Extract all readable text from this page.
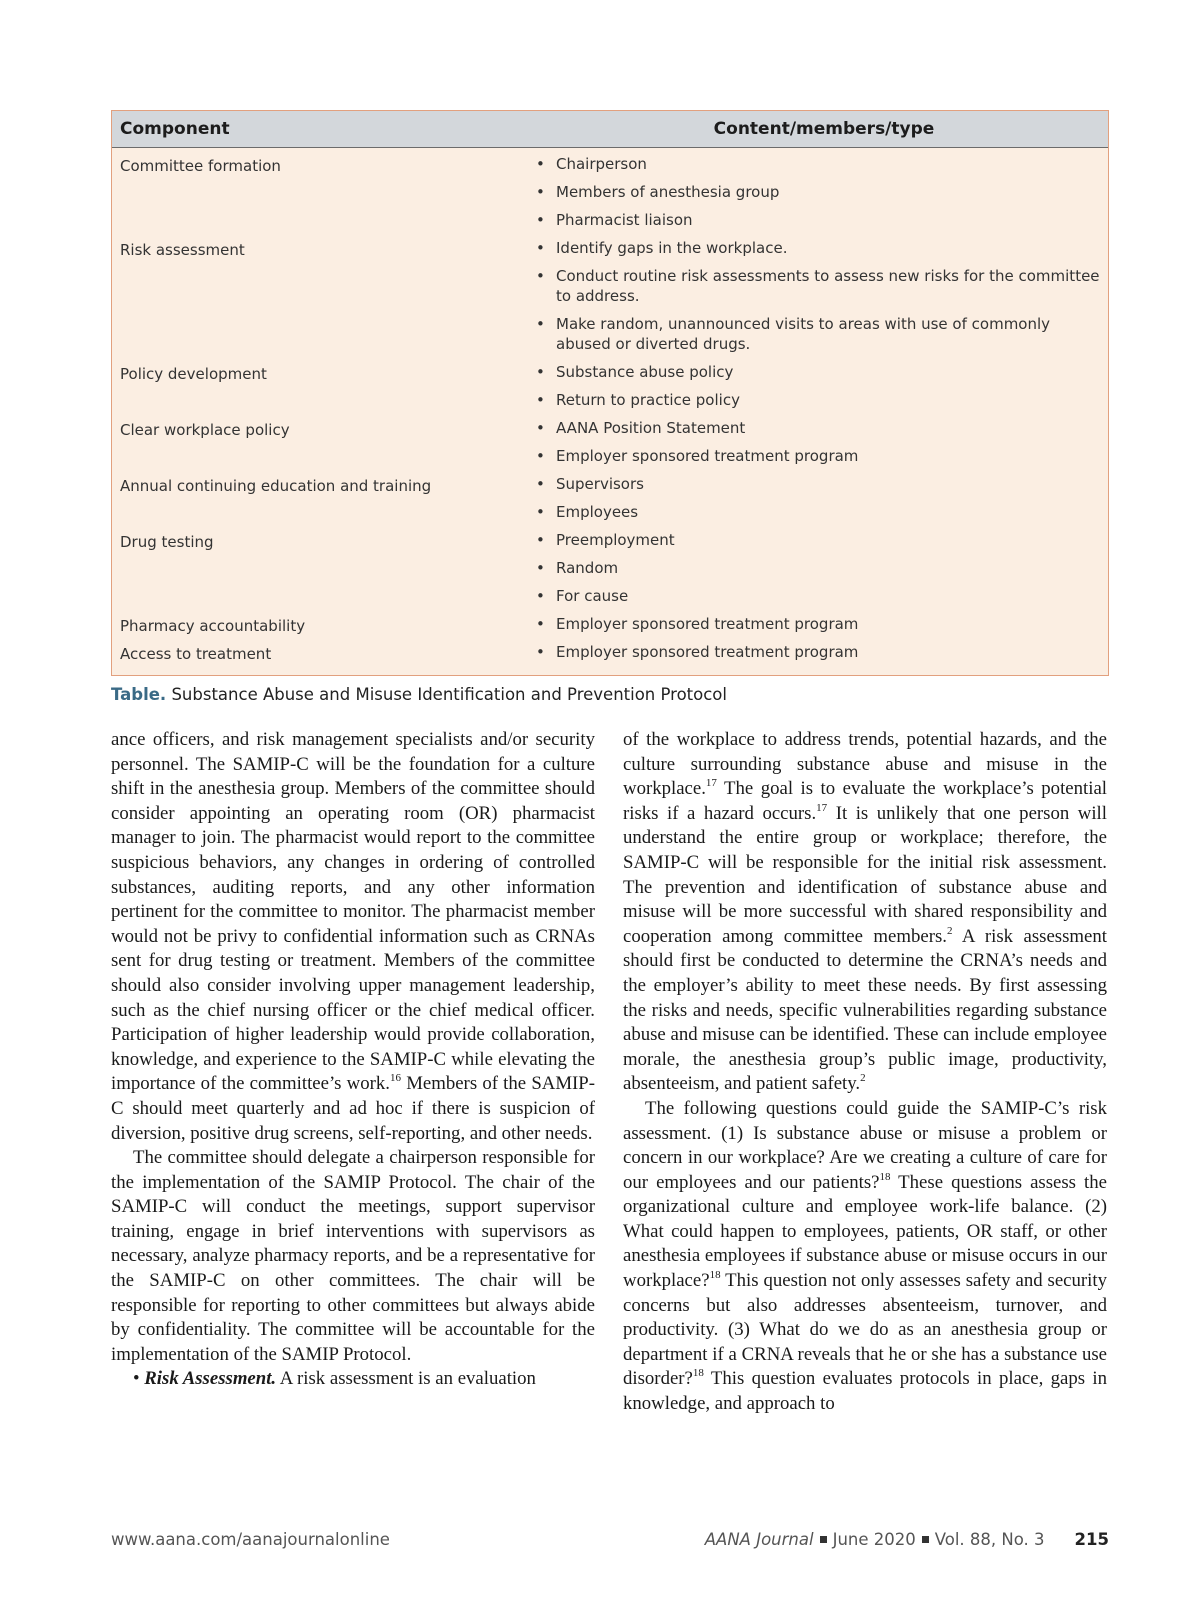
Component	Content/members/type
Committee formation	• Chairperson
• Members of anesthesia group
• Pharmacist liaison
Risk assessment	• Identify gaps in the workplace.
• Conduct routine risk assessments to assess new risks for the committee to address.
• Make random, unannounced visits to areas with use of commonly abused or diverted drugs.
Policy development	• Substance abuse policy
• Return to practice policy
Clear workplace policy	• AANA Position Statement
• Employer sponsored treatment program
Annual continuing education and training	• Supervisors
• Employees
Drug testing	• Preemployment
• Random
• For cause
Pharmacy accountability	• Employer sponsored treatment program
Access to treatment	• Employer sponsored treatment program
Table. Substance Abuse and Misuse Identification and Prevention Protocol

ance officers, and risk management specialists and/or security personnel. The SAMIP-C will be the foundation for a culture shift in the anesthesia group. Members of the committee should consider appointing an operating room (OR) pharmacist manager to join. The pharmacist would report to the committee suspicious behaviors, any changes in ordering of controlled substances, auditing reports, and any other information pertinent for the committee to monitor. The pharmacist member would not be privy to confidential information such as CRNAs sent for drug testing or treatment. Members of the committee should also consider involving upper management leadership, such as the chief nursing officer or the chief medical officer. Participation of higher leadership would provide collaboration, knowledge, and experience to the SAMIP-C while elevating the importance of the committee’s work.$^{16}$ Members of the SAMIP-C should meet quarterly and ad hoc if there is suspicion of diversion, positive drug screens, self-reporting, and other needs.

The committee should delegate a chairperson responsible for the implementation of the SAMIP Protocol. The chair of the SAMIP-C will conduct the meetings, support supervisor training, engage in brief interventions with supervisors as necessary, analyze pharmacy reports, and be a representative for the SAMIP-C on other committees. The chair will be responsible for reporting to other committees but always abide by confidentiality. The committee will be accountable for the implementation of the SAMIP Protocol.

• Risk Assessment. A risk assessment is an evaluation

of the workplace to address trends, potential hazards, and the culture surrounding substance abuse and misuse in the workplace.$^{17}$ The goal is to evaluate the workplace’s potential risks if a hazard occurs.$^{17}$ It is unlikely that one person will understand the entire group or workplace; therefore, the SAMIP-C will be responsible for the initial risk assessment. The prevention and identification of substance abuse and misuse will be more successful with shared responsibility and cooperation among committee members.$^2$ A risk assessment should first be conducted to determine the CRNA’s needs and the employer’s ability to meet these needs. By first assessing the risks and needs, specific vulnerabilities regarding substance abuse and misuse can be identified. These can include employee morale, the anesthesia group’s public image, productivity, absenteeism, and patient safety.$^2$

The following questions could guide the SAMIP-C’s risk assessment. (1) Is substance abuse or misuse a problem or concern in our workplace? Are we creating a culture of care for our employees and our patients?$^{18}$ These questions assess the organizational culture and employee work-life balance. (2) What could happen to employees, patients, OR staff, or other anesthesia employees if substance abuse or misuse occurs in our workplace?$^{18}$ This question not only assesses safety and security concerns but also addresses absenteeism, turnover, and productivity. (3) What do we do as an anesthesia group or department if a CRNA reveals that he or she has a substance use disorder?$^{18}$ This question evaluates protocols in place, gaps in knowledge, and approach to

www.aana.com/aanajournalonline	AANA Journal June 2020 Vol. 88, No. 3 215
